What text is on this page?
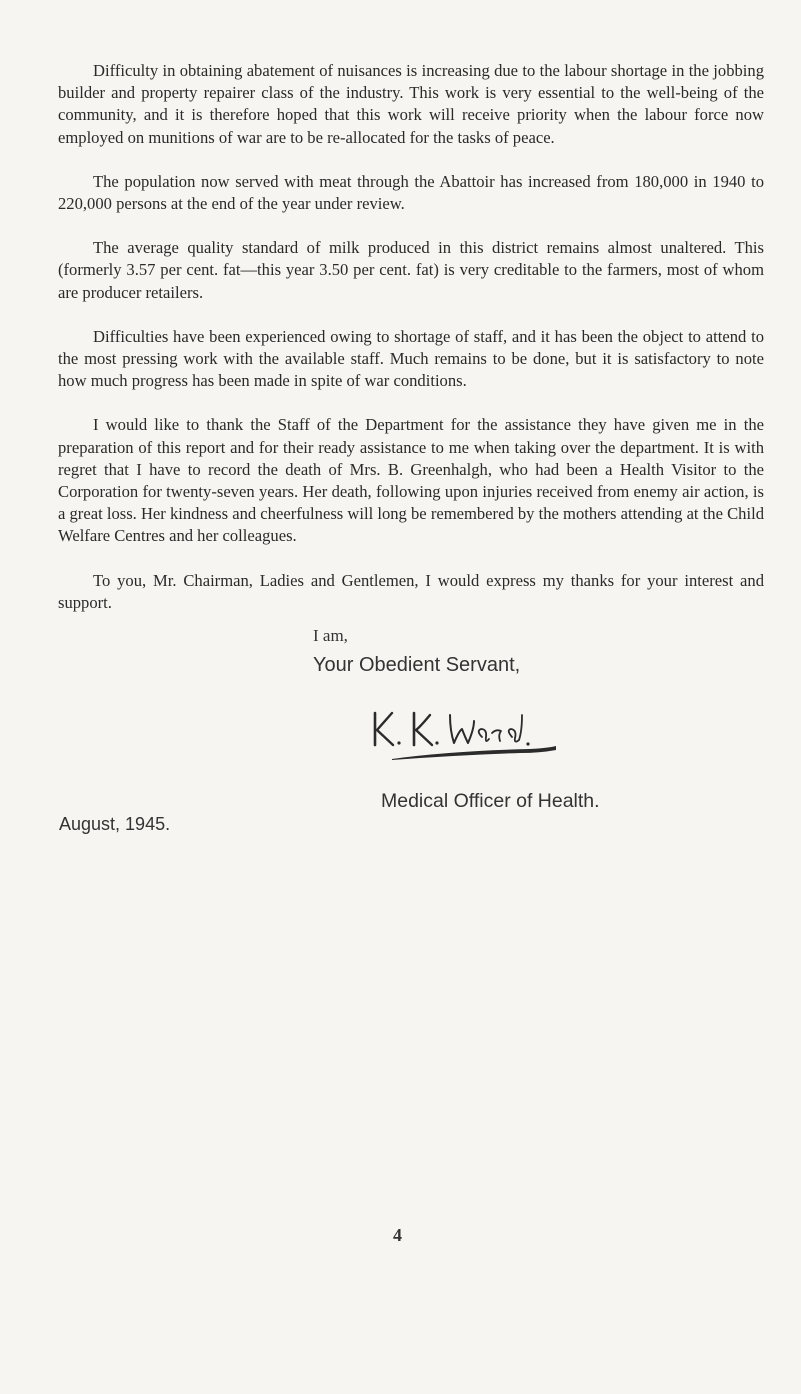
Difficulty in obtaining abatement of nuisances is increasing due to the labour shortage in the jobbing builder and property repairer class of the industry. This work is very essential to the well-being of the community, and it is therefore hoped that this work will receive priority when the labour force now employed on munitions of war are to be re-allocated for the tasks of peace.

The population now served with meat through the Abattoir has increased from 180,000 in 1940 to 220,000 persons at the end of the year under review.

The average quality standard of milk produced in this district remains almost unaltered. This (formerly 3.57 per cent. fat—this year 3.50 per cent. fat) is very creditable to the farmers, most of whom are producer retailers.

Difficulties have been experienced owing to shortage of staff, and it has been the object to attend to the most pressing work with the available staff. Much remains to be done, but it is satisfactory to note how much progress has been made in spite of war conditions.

I would like to thank the Staff of the Department for the assistance they have given me in the preparation of this report and for their ready assistance to me when taking over the department. It is with regret that I have to record the death of Mrs. B. Greenhalgh, who had been a Health Visitor to the Corporation for twenty-seven years. Her death, following upon injuries received from enemy air action, is a great loss. Her kindness and cheerfulness will long be remembered by the mothers attending at the Child Welfare Centres and her colleagues.

To you, Mr. Chairman, Ladies and Gentlemen, I would express my thanks for your interest and support.

I am,
Your Obedient Servant,
Medical Officer of Health.
August, 1945.
4
